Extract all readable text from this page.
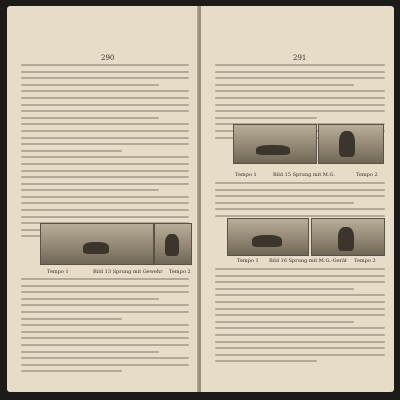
290
Tempo 1	Bild 13 Sprung mit Gewehr Tempo 2
291
Tempo 1	Bild 15 Sprung mit M.G.	Tempo 2
Tempo 1 Bild 16 Sprung mit M.G.-Gerät Tempo 2
